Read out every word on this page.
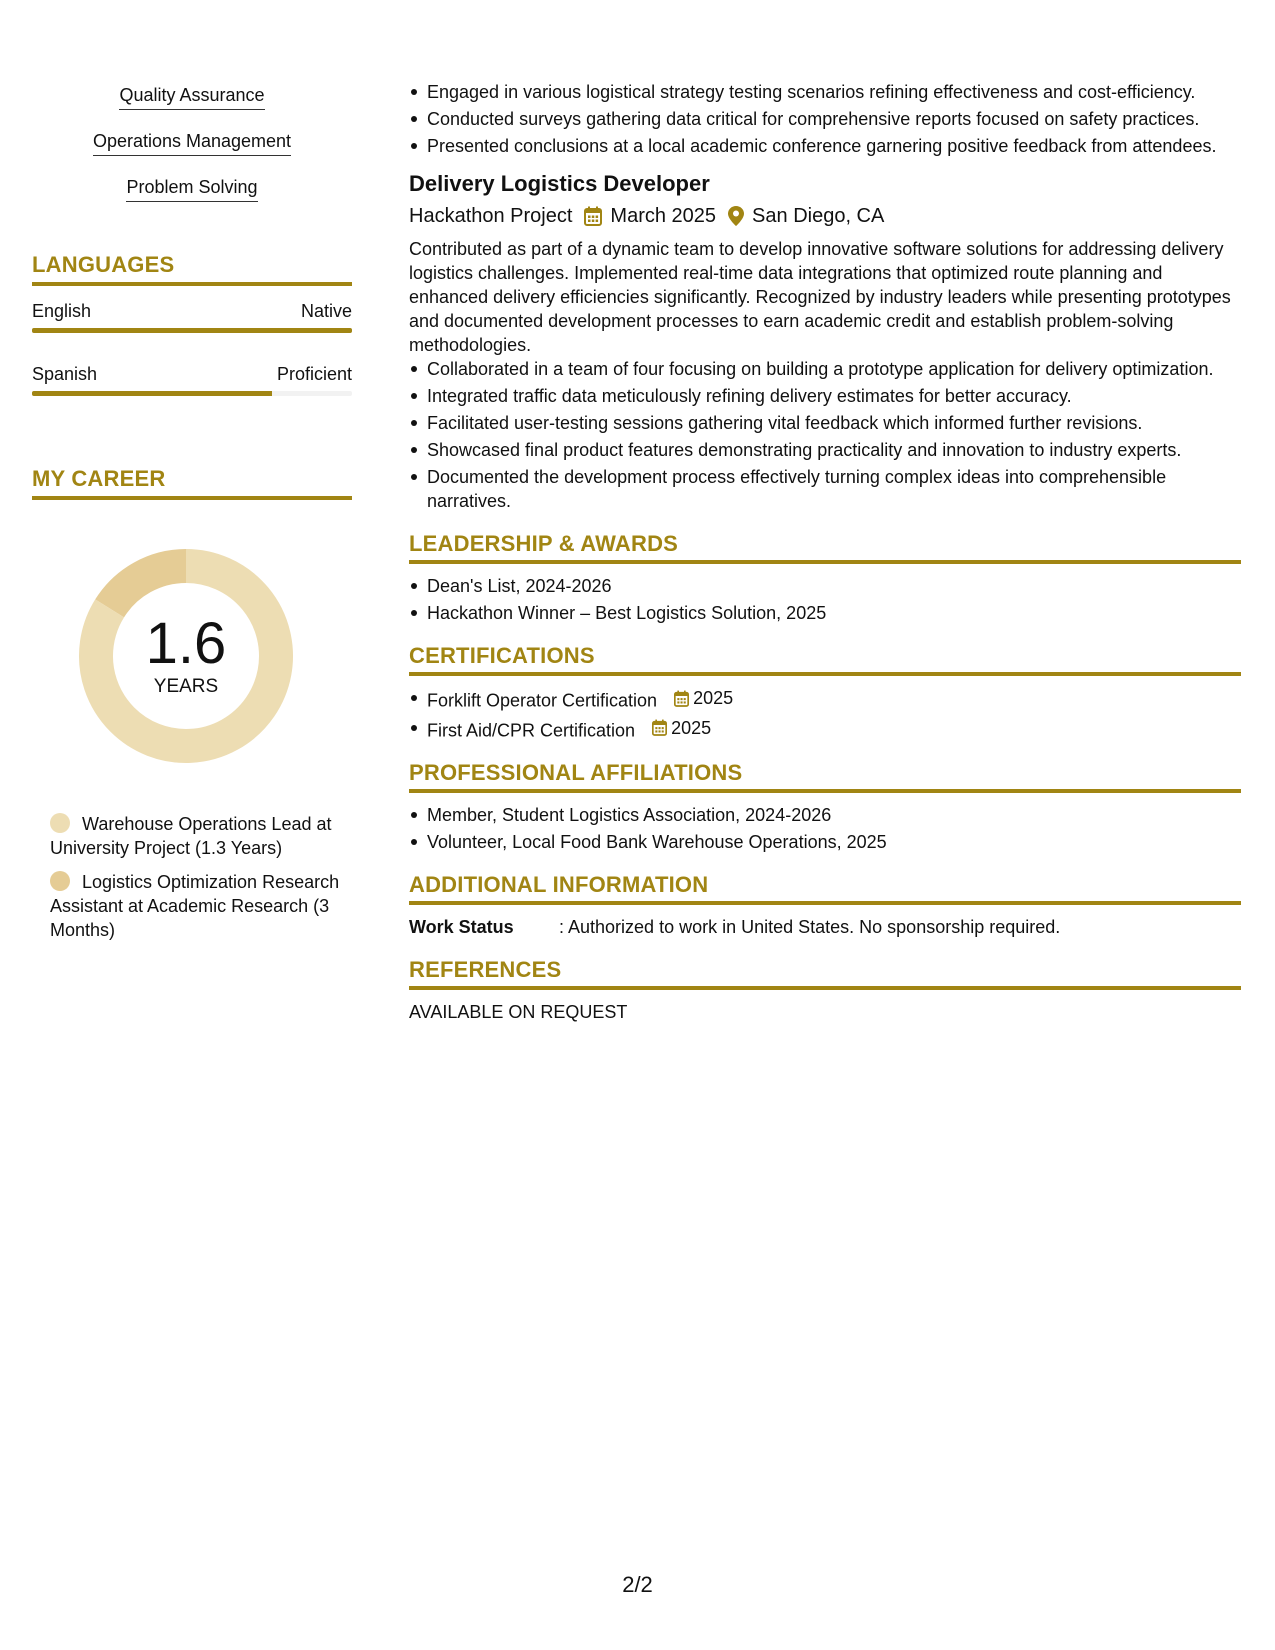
Quality Assurance
Operations Management
Problem Solving
LANGUAGES
English	Native
Spanish	Proficient
MY CAREER
1.6
YEARS
Warehouse Operations Lead at University Project (1.3 Years)
Logistics Optimization Research Assistant at Academic Research (3 Months)
Engaged in various logistical strategy testing scenarios refining effectiveness and cost-efficiency.
Conducted surveys gathering data critical for comprehensive reports focused on safety practices.
Presented conclusions at a local academic conference garnering positive feedback from attendees.
Delivery Logistics Developer
Hackathon Project March 2025 San Diego, CA
Contributed as part of a dynamic team to develop innovative software solutions for addressing delivery logistics challenges. Implemented real-time data integrations that optimized route planning and enhanced delivery efficiencies significantly. Recognized by industry leaders while presenting prototypes and documented development processes to earn academic credit and establish problem-solving methodologies.
Collaborated in a team of four focusing on building a prototype application for delivery optimization.
Integrated traffic data meticulously refining delivery estimates for better accuracy.
Facilitated user-testing sessions gathering vital feedback which informed further revisions.
Showcased final product features demonstrating practicality and innovation to industry experts.
Documented the development process effectively turning complex ideas into comprehensible narratives.
LEADERSHIP & AWARDS
Dean's List, 2024-2026
Hackathon Winner – Best Logistics Solution, 2025
CERTIFICATIONS
Forklift Operator Certification 2025
First Aid/CPR Certification 2025
PROFESSIONAL AFFILIATIONS
Member, Student Logistics Association, 2024-2026
Volunteer, Local Food Bank Warehouse Operations, 2025
ADDITIONAL INFORMATION
Work Status	: Authorized to work in United States. No sponsorship required.
REFERENCES
AVAILABLE ON REQUEST
2/2
